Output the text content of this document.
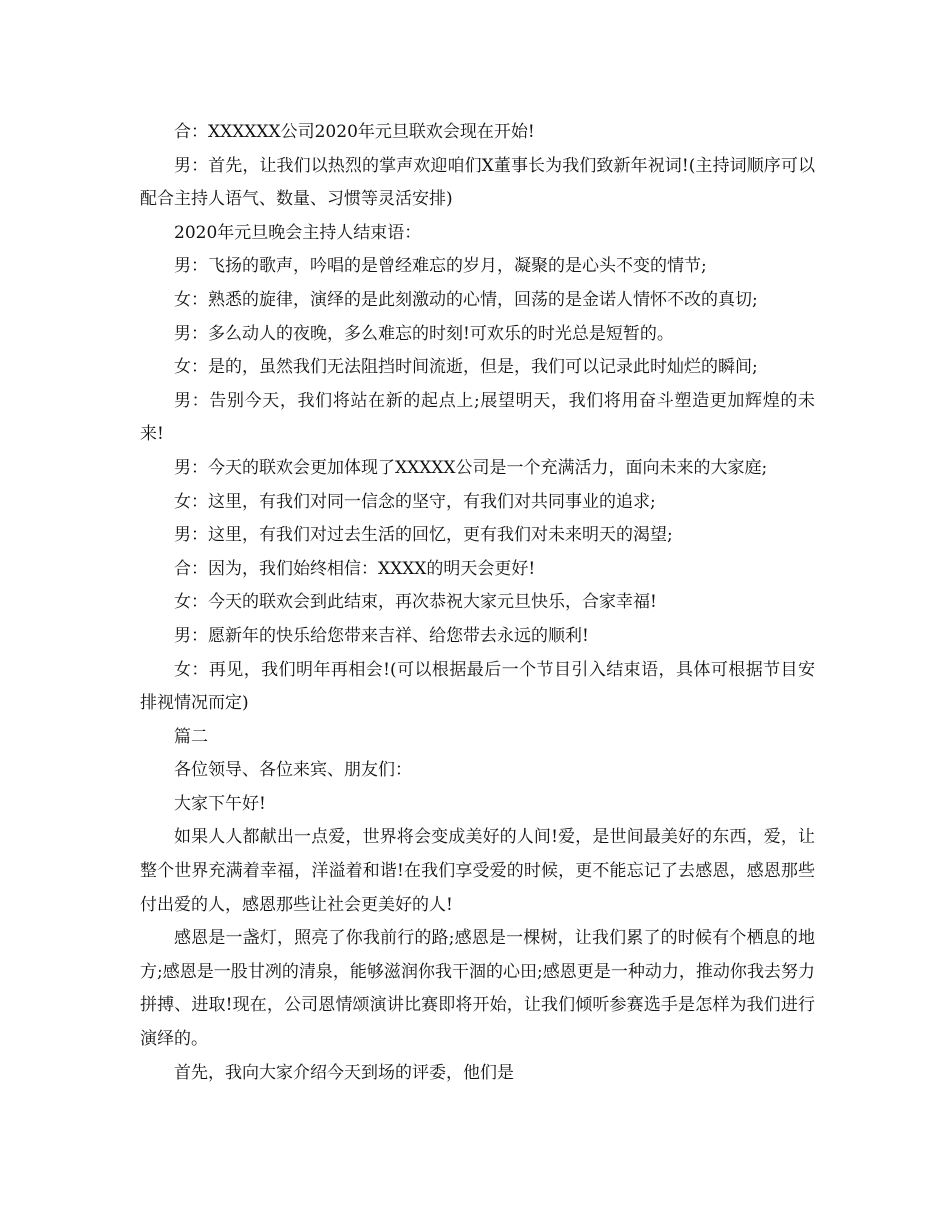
合：XXXXXX公司2020年元旦联欢会现在开始!

男：首先，让我们以热烈的掌声欢迎咱们X董事长为我们致新年祝词!(主持词顺序可以配合主持人语气、数量、习惯等灵活安排)

2020年元旦晚会主持人结束语：

男：飞扬的歌声，吟唱的是曾经难忘的岁月，凝聚的是心头不变的情节;

女：熟悉的旋律，演绎的是此刻激动的心情，回荡的是金诺人情怀不改的真切;

男：多么动人的夜晚，多么难忘的时刻!可欢乐的时光总是短暂的。

女：是的，虽然我们无法阻挡时间流逝，但是，我们可以记录此时灿烂的瞬间;

男：告别今天，我们将站在新的起点上;展望明天，我们将用奋斗塑造更加辉煌的未来!

男：今天的联欢会更加体现了XXXXX公司是一个充满活力，面向未来的大家庭;

女：这里，有我们对同一信念的坚守，有我们对共同事业的追求;

男：这里，有我们对过去生活的回忆，更有我们对未来明天的渴望;

合：因为，我们始终相信：XXXX的明天会更好!

女：今天的联欢会到此结束，再次恭祝大家元旦快乐，合家幸福!

男：愿新年的快乐给您带来吉祥、给您带去永远的顺利!

女：再见，我们明年再相会!(可以根据最后一个节目引入结束语，具体可根据节目安排视情况而定)

篇二

各位领导、各位来宾、朋友们：

大家下午好!

如果人人都献出一点爱，世界将会变成美好的人间!爱，是世间最美好的东西，爱，让整个世界充满着幸福，洋溢着和谐!在我们享受爱的时候，更不能忘记了去感恩，感恩那些付出爱的人，感恩那些让社会更美好的人!

感恩是一盏灯，照亮了你我前行的路;感恩是一棵树，让我们累了的时候有个栖息的地方;感恩是一股甘冽的清泉，能够滋润你我干涸的心田;感恩更是一种动力，推动你我去努力拼搏、进取!现在，公司恩情颂演讲比赛即将开始，让我们倾听参赛选手是怎样为我们进行演绎的。

首先，我向大家介绍今天到场的评委，他们是
